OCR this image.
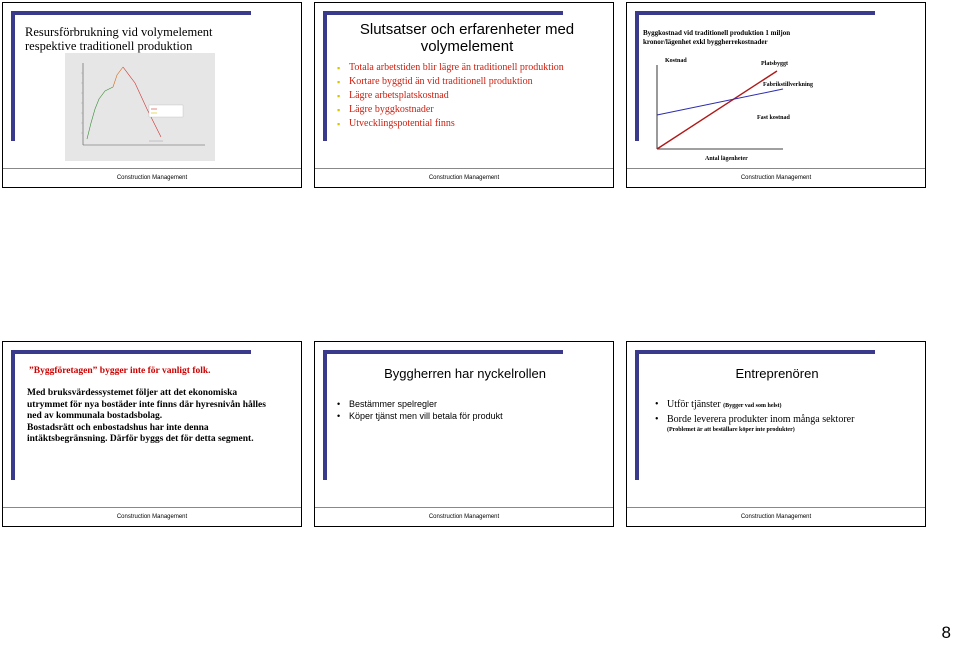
Resursförbrukning vid volymelement
respektive traditionell produktion
Construction Management
Slutsatser och erfarenheter med
volymelement
▪ Totala arbetstiden blir lägre än traditionell produktion
▪ Kortare byggtid än vid traditionell produktion
▪ Lägre arbetsplatskostnad
▪ Lägre byggkostnader
▪ Utvecklingspotential finns
Construction Management
Byggkostnad vid traditionell produktion 1 miljon
kronor/lägenhet exkl byggherrekostnader
Kostnad	Platsbyggt
Fabrikstillverkning
Fast kostnad
Antal lägenheter
Construction Management
”Byggföretagen” bygger inte för vanligt folk.
Med bruksvärdessystemet följer att det ekonomiska utrymmet för nya bostäder inte finns där hyresnivån hålles ned av kommunala bostadsbolag.
Bostadsrätt och enbostadshus har inte denna intäktsbegränsning. Därför byggs det för detta segment.
Construction Management
Byggherren har nyckelrollen
• Bestämmer spelregler
• Köper tjänst men vill betala för produkt
Construction Management
Entreprenören
• Utför tjänster (Bygger vad som helst)
• Borde leverera produkter inom många sektorer
(Problemet är att beställare köper inte produkter)
Construction Management
8
